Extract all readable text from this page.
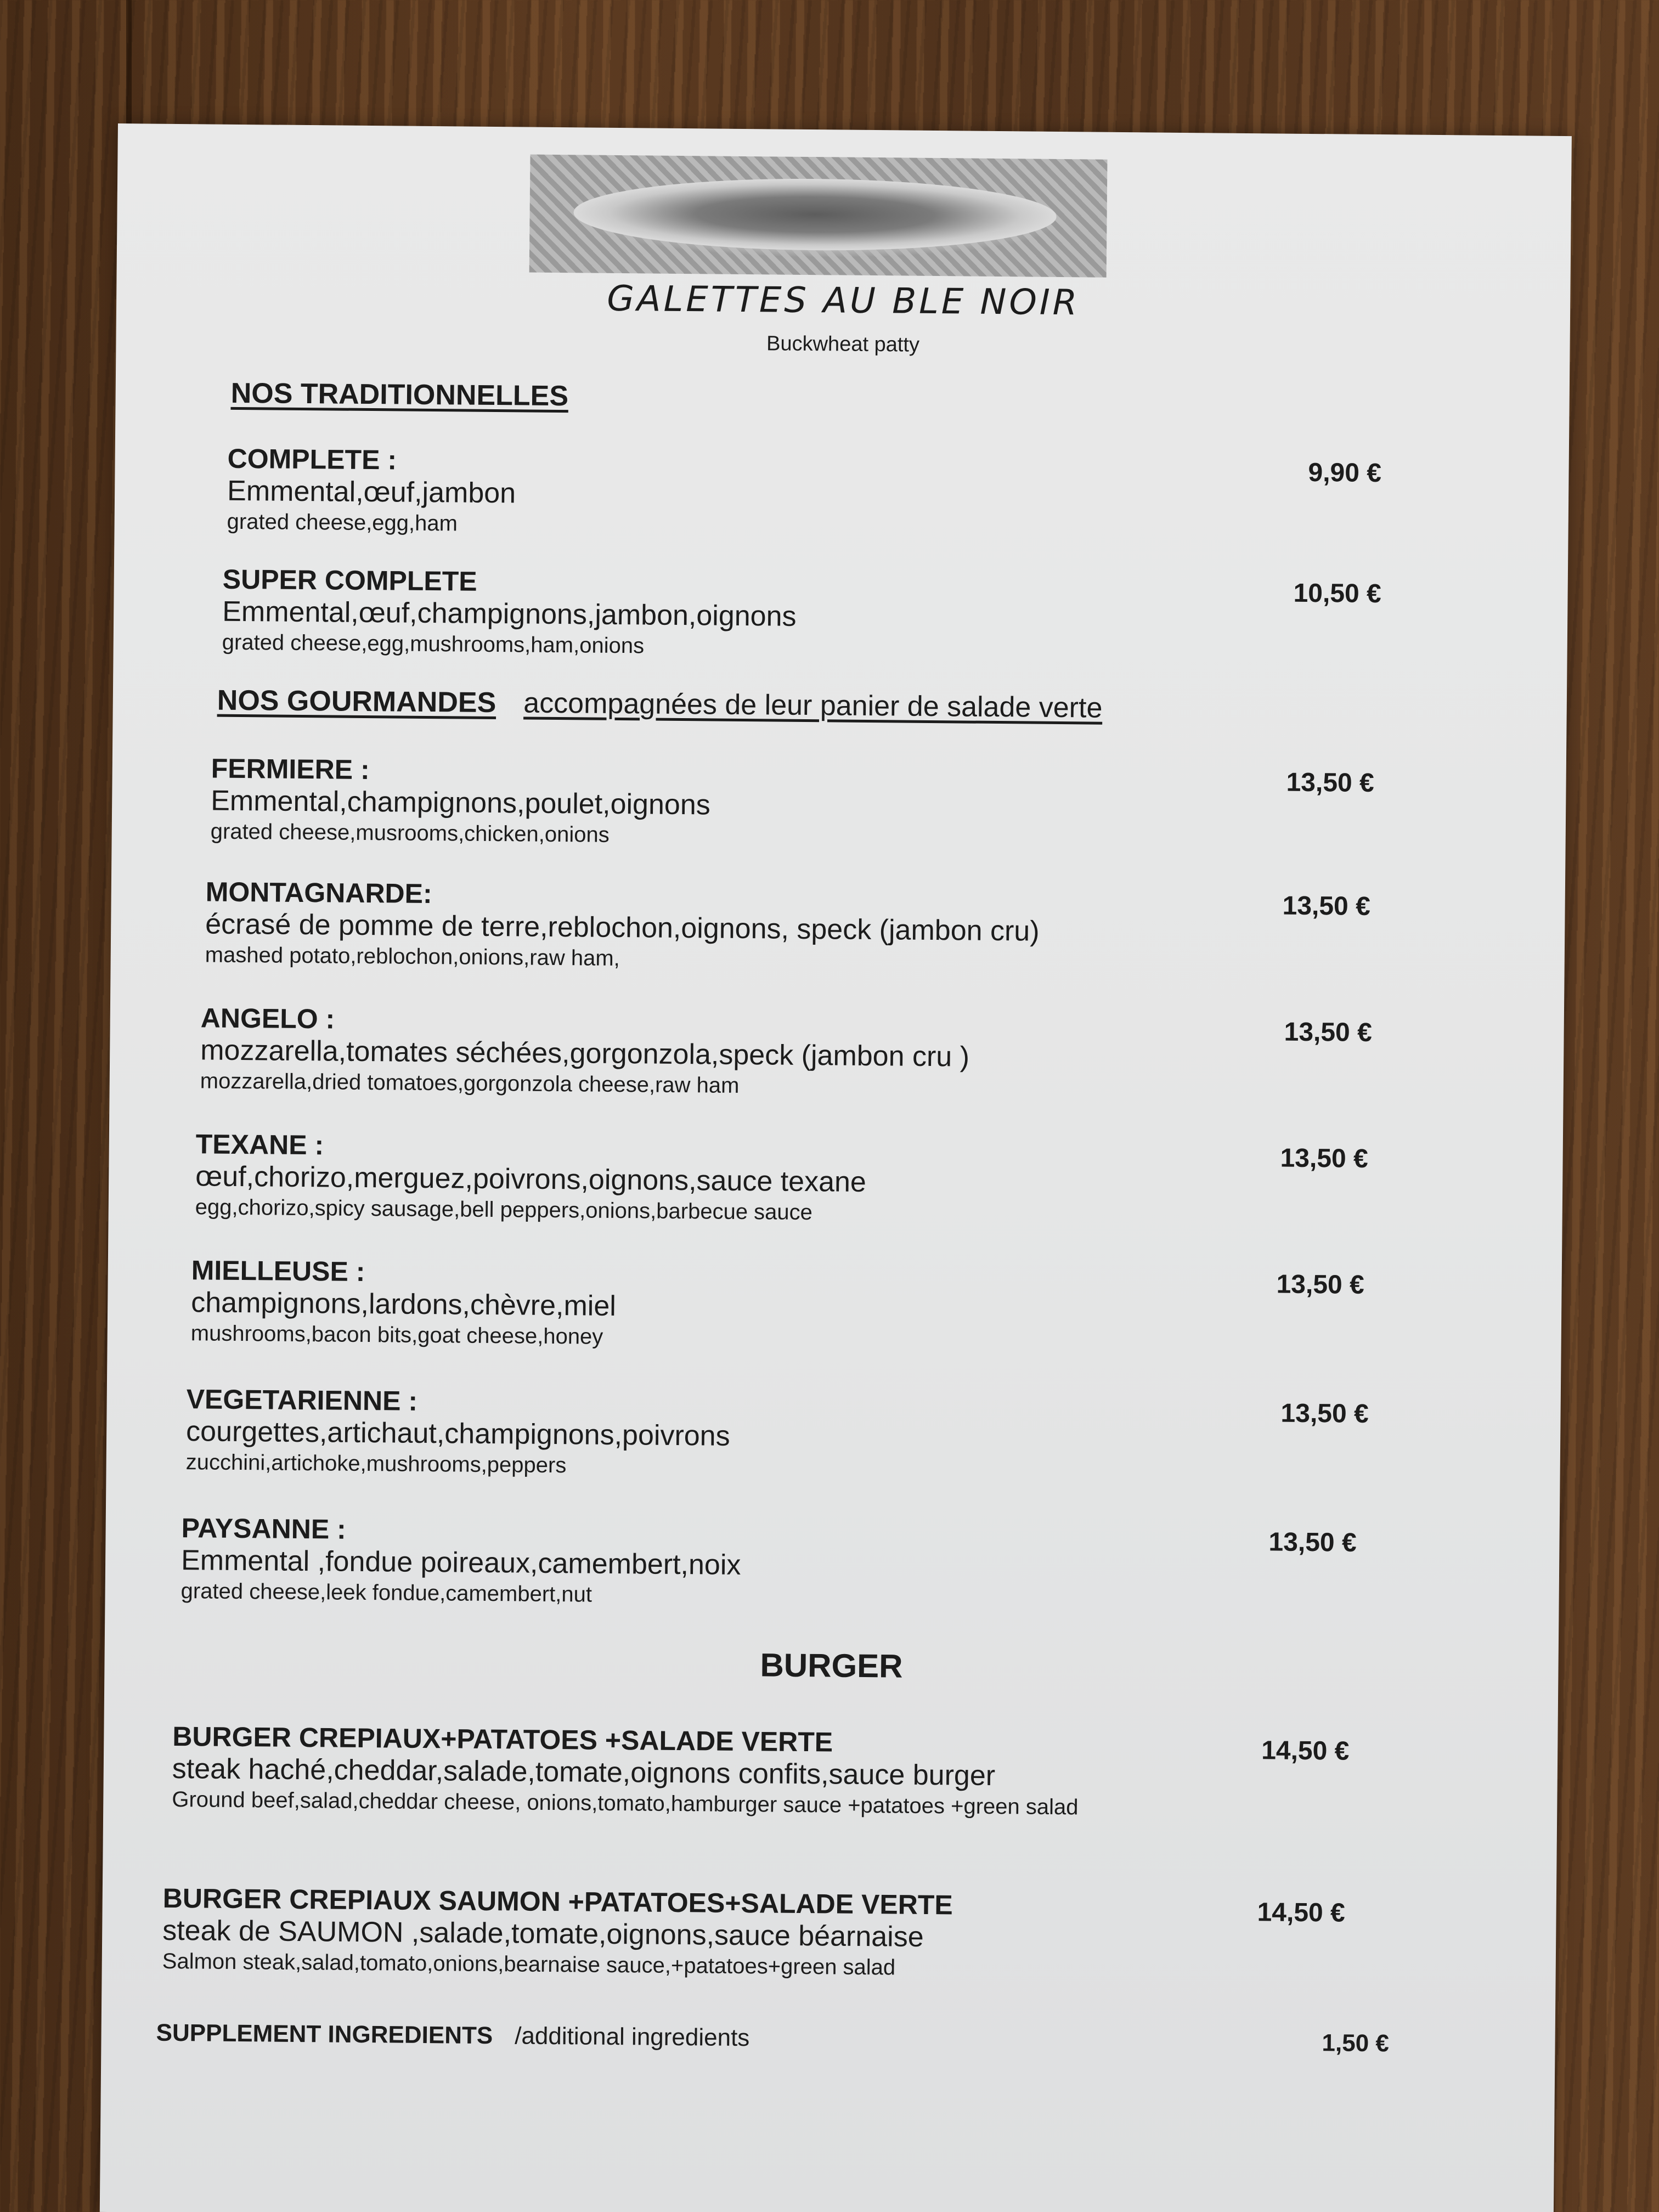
GALETTES AU BLE NOIR
Buckwheat patty
NOS TRADITIONNELLES
COMPLETE :
Emmental,œuf,jambon
grated cheese,egg,ham
9,90 €
SUPER COMPLETE
Emmental,œuf,champignons,jambon,oignons
grated cheese,egg,mushrooms,ham,onions
10,50 €
NOS GOURMANDES accompagnées de leur panier de salade verte
FERMIERE :
Emmental,champignons,poulet,oignons
grated cheese,musrooms,chicken,onions
13,50 €
MONTAGNARDE:
écrasé de pomme de terre,reblochon,oignons, speck (jambon cru)
mashed potato,reblochon,onions,raw ham,
13,50 €
ANGELO :
mozzarella,tomates séchées,gorgonzola,speck (jambon cru )
mozzarella,dried tomatoes,gorgonzola cheese,raw ham
13,50 €
TEXANE :
œuf,chorizo,merguez,poivrons,oignons,sauce texane
egg,chorizo,spicy sausage,bell peppers,onions,barbecue sauce
13,50 €
MIELLEUSE :
champignons,lardons,chèvre,miel
mushrooms,bacon bits,goat cheese,honey
13,50 €
VEGETARIENNE :
courgettes,artichaut,champignons,poivrons
zucchini,artichoke,mushrooms,peppers
13,50 €
PAYSANNE :
Emmental ,fondue poireaux,camembert,noix
grated cheese,leek fondue,camembert,nut
13,50 €
BURGER
BURGER CREPIAUX+PATATOES +SALADE VERTE
steak haché,cheddar,salade,tomate,oignons confits,sauce burger
Ground beef,salad,cheddar cheese, onions,tomato,hamburger sauce +patatoes +green salad
14,50 €
BURGER CREPIAUX SAUMON +PATATOES+SALADE VERTE
steak de SAUMON ,salade,tomate,oignons,sauce béarnaise
Salmon steak,salad,tomato,onions,bearnaise sauce,+patatoes+green salad
14,50 €
SUPPLEMENT INGREDIENTS /additional ingredients	1,50 €
